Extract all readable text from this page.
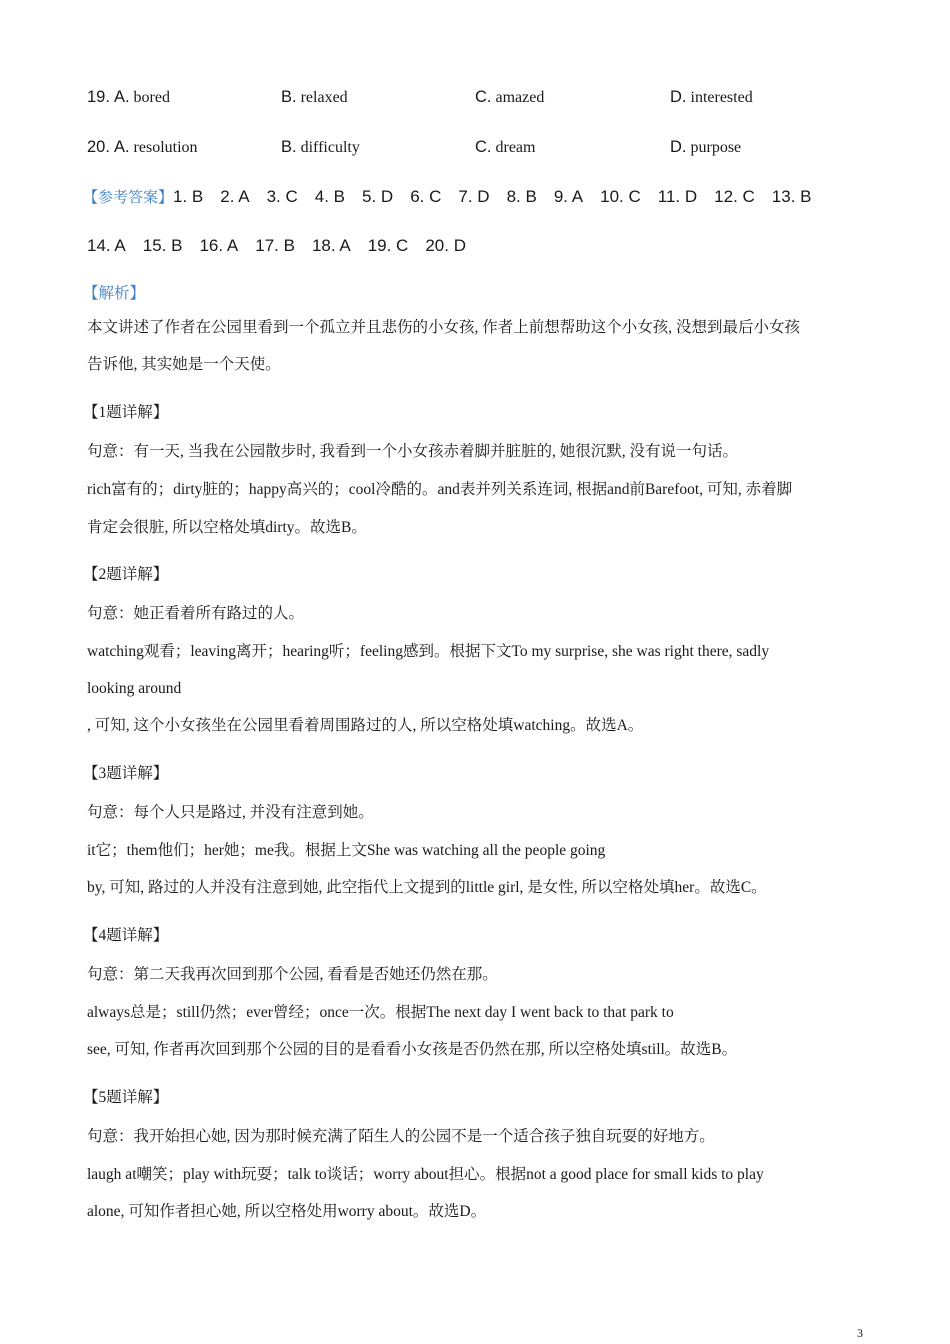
19. A. bored	B. relaxed	C. amazed	D. interested
20. A. resolution	B. difficulty	C. dream	D. purpose
【参考答案】1. B 2. A 3. C 4. B 5. D 6. C 7. D 8. B 9. A 10. C 11. D 12. C 13. B
14. A 15. B 16. A 17. B 18. A 19. C 20. D
【解析】
本文讲述了作者在公园里看到一个孤立并且悲伤的小女孩, 作者上前想帮助这个小女孩, 没想到最后小女孩
告诉他, 其实她是一个天使。
【1题详解】
句意：有一天, 当我在公园散步时, 我看到一个小女孩赤着脚并脏脏的, 她很沉默, 没有说一句话。
rich富有的；dirty脏的；happy高兴的；cool冷酷的。and表并列关系连词, 根据and前Barefoot, 可知, 赤着脚
肯定会很脏, 所以空格处填dirty。故选B。
【2题详解】
句意：她正看着所有路过的人。
watching观看；leaving离开；hearing听；feeling感到。根据下文To my surprise, she was right there, sadly
looking around
, 可知, 这个小女孩坐在公园里看着周围路过的人, 所以空格处填watching。故选A。
【3题详解】
句意：每个人只是路过, 并没有注意到她。
it它；them他们；her她；me我。根据上文She was watching all the people going
by, 可知, 路过的人并没有注意到她, 此空指代上文提到的little girl, 是女性, 所以空格处填her。故选C。
【4题详解】
句意：第二天我再次回到那个公园, 看看是否她还仍然在那。
always总是；still仍然；ever曾经；once一次。根据The next day I went back to that park to
see, 可知, 作者再次回到那个公园的目的是看看小女孩是否仍然在那, 所以空格处填still。故选B。
【5题详解】
句意：我开始担心她, 因为那时候充满了陌生人的公园不是一个适合孩子独自玩耍的好地方。
laugh at嘲笑；play with玩耍；talk to谈话；worry about担心。根据not a good place for small kids to play
alone, 可知作者担心她, 所以空格处用worry about。故选D。
3
